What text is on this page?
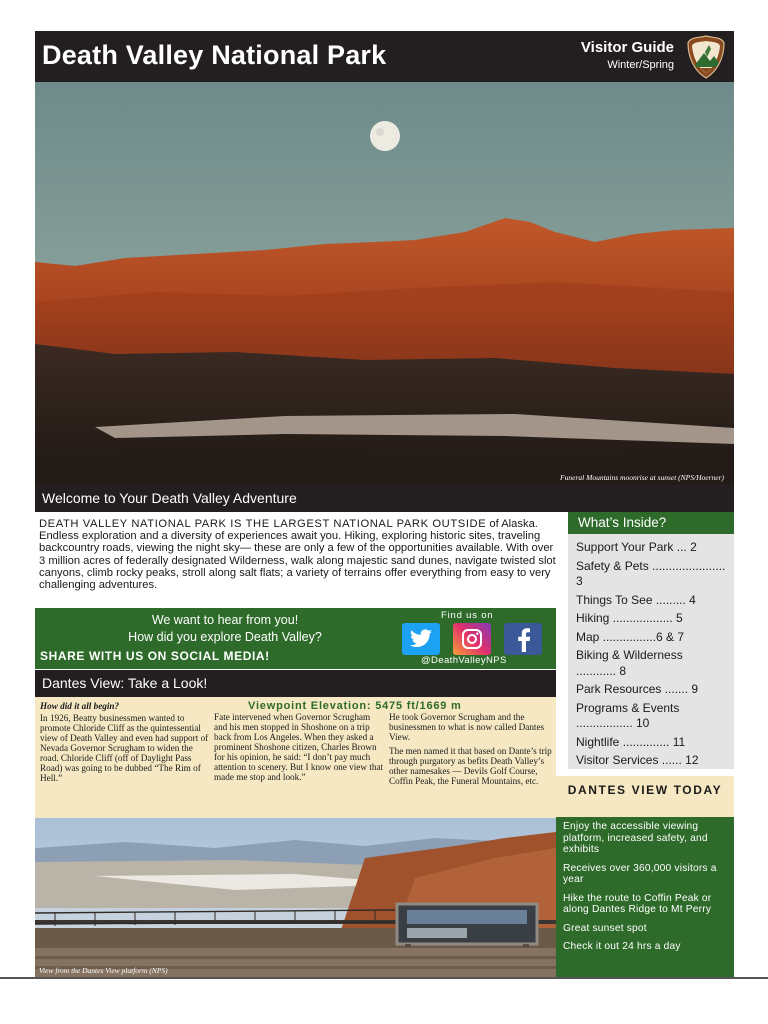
Death Valley National Park	Visitor Guide
Winter/Spring
Funeral Mountains moonrise at sunset (NPS/Hoerner)
Welcome to Your Death Valley Adventure
DEATH VALLEY NATIONAL PARK IS THE LARGEST NATIONAL PARK OUTSIDE of Alaska. Endless exploration and a diversity of experiences await you. Hiking, exploring historic sites, traveling backcountry roads, viewing the night sky— these are only a few of the opportunities available. With over 3 million acres of federally designated Wilderness, walk along majestic sand dunes, navigate twisted slot canyons, climb rocky peaks, stroll along salt flats; a variety of terrains offer everything from easy to very challenging adventures.
We want to hear from you!
How did you explore Death Valley?
SHARE WITH US ON SOCIAL MEDIA!
Find us on
@DeathValleyNPS
Dantes View: Take a Look!
How did it all begin?	Viewpoint Elevation: 5475 ft/1669 m
In 1926, Beatty businessmen wanted to promote Chloride Cliff as the quintessential view of Death Valley and even had support of Nevada Governor Scrugham to widen the road. Chloride Cliff (off of Daylight Pass Road) was going to be dubbed “The Rim of Hell.”
Fate intervened when Governor Scrugham and his men stopped in Shoshone on a trip back from Los Angeles. When they asked a prominent Shoshone citizen, Charles Brown for his opinion, he said: “I don’t pay much attention to scenery. But I know one view that made me stop and look.”

He took Governor Scrugham and the businessmen to what is now called Dantes View.

The men named it that based on Dante’s trip through purgatory as befits Death Valley’s other namesakes — Devils Golf Course, Coffin Peak, the Funeral Mountains, etc.

View from the Dantes View platform (NPS)
What’s Inside?
Support Your Park ... 2
Safety & Pets ...................... 3
Things To See ......... 4
Hiking .................. 5
Map ................6 & 7
Biking & Wilderness ............ 8
Park Resources ....... 9
Programs & Events ................. 10
Nightlife .............. 11
Visitor Services ...... 12
DANTES VIEW TODAY
Enjoy the accessible viewing platform, increased safety, and exhibits
Receives over 360,000 visitors a year
Hike the route to Coffin Peak or along Dantes Ridge to Mt Perry
Great sunset spot
Check it out 24 hrs a day
